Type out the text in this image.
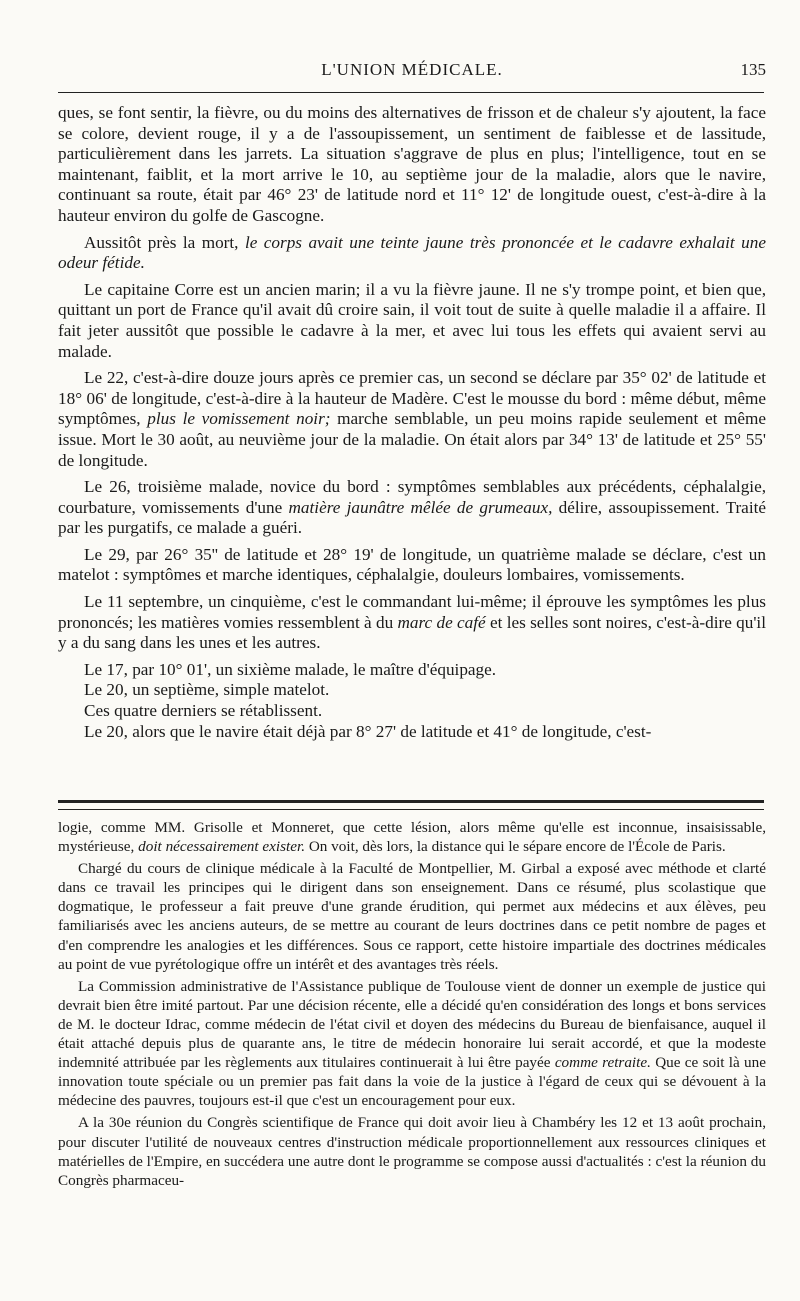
L'UNION MÉDICALE.	135

ques, se font sentir, la fièvre, ou du moins des alternatives de frisson et de chaleur s'y ajoutent, la face se colore, devient rouge, il y a de l'assoupissement, un sentiment de faiblesse et de lassitude, particulièrement dans les jarrets. La situation s'aggrave de plus en plus; l'intelligence, tout en se maintenant, faiblit, et la mort arrive le 10, au septième jour de la maladie, alors que le navire, continuant sa route, était par 46° 23' de latitude nord et 11° 12' de longitude ouest, c'est-à-dire à la hauteur environ du golfe de Gascogne.

Aussitôt près la mort, le corps avait une teinte jaune très prononcée et le cadavre exhalait une odeur fétide.

Le capitaine Corre est un ancien marin; il a vu la fièvre jaune. Il ne s'y trompe point, et bien que, quittant un port de France qu'il avait dû croire sain, il voit tout de suite à quelle maladie il a affaire. Il fait jeter aussitôt que possible le cadavre à la mer, et avec lui tous les effets qui avaient servi au malade.

Le 22, c'est-à-dire douze jours après ce premier cas, un second se déclare par 35° 02' de latitude et 18° 06' de longitude, c'est-à-dire à la hauteur de Madère. C'est le mousse du bord : même début, même symptômes, plus le vomissement noir; marche semblable, un peu moins rapide seulement et même issue. Mort le 30 août, au neuvième jour de la maladie. On était alors par 34° 13' de latitude et 25° 55' de longitude.

Le 26, troisième malade, novice du bord : symptômes semblables aux précédents, céphalalgie, courbature, vomissements d'une matière jaunâtre mêlée de grumeaux, délire, assoupissement. Traité par les purgatifs, ce malade a guéri.

Le 29, par 26° 35'' de latitude et 28° 19' de longitude, un quatrième malade se déclare, c'est un matelot : symptômes et marche identiques, céphalalgie, douleurs lombaires, vomissements.

Le 11 septembre, un cinquième, c'est le commandant lui-même; il éprouve les symptômes les plus prononcés; les matières vomies ressemblent à du marc de café et les selles sont noires, c'est-à-dire qu'il y a du sang dans les unes et les autres.

Le 17, par 10° 01', un sixième malade, le maître d'équipage.

Le 20, un septième, simple matelot.

Ces quatre derniers se rétablissent.

Le 20, alors que le navire était déjà par 8° 27' de latitude et 41° de longitude, c'est-

logie, comme MM. Grisolle et Monneret, que cette lésion, alors même qu'elle est inconnue, insaisissable, mystérieuse, doit nécessairement exister. On voit, dès lors, la distance qui le sépare encore de l'École de Paris.

Chargé du cours de clinique médicale à la Faculté de Montpellier, M. Girbal a exposé avec méthode et clarté dans ce travail les principes qui le dirigent dans son enseignement. Dans ce résumé, plus scolastique que dogmatique, le professeur a fait preuve d'une grande érudition, qui permet aux médecins et aux élèves, peu familiarisés avec les anciens auteurs, de se mettre au courant de leurs doctrines dans ce petit nombre de pages et d'en comprendre les analogies et les différences. Sous ce rapport, cette histoire impartiale des doctrines médicales au point de vue pyrétologique offre un intérêt et des avantages très réels.

La Commission administrative de l'Assistance publique de Toulouse vient de donner un exemple de justice qui devrait bien être imité partout. Par une décision récente, elle a décidé qu'en considération des longs et bons services de M. le docteur Idrac, comme médecin de l'état civil et doyen des médecins du Bureau de bienfaisance, auquel il était attaché depuis plus de quarante ans, le titre de médecin honoraire lui serait accordé, et que la modeste indemnité attribuée par les règlements aux titulaires continuerait à lui être payée comme retraite. Que ce soit là une innovation toute spéciale ou un premier pas fait dans la voie de la justice à l'égard de ceux qui se dévouent à la médecine des pauvres, toujours est-il que c'est un encouragement pour eux.

A la 30e réunion du Congrès scientifique de France qui doit avoir lieu à Chambéry les 12 et 13 août prochain, pour discuter l'utilité de nouveaux centres d'instruction médicale proportionnellement aux ressources cliniques et matérielles de l'Empire, en succédera une autre dont le programme se compose aussi d'actualités : c'est la réunion du Congrès pharmaceu-
